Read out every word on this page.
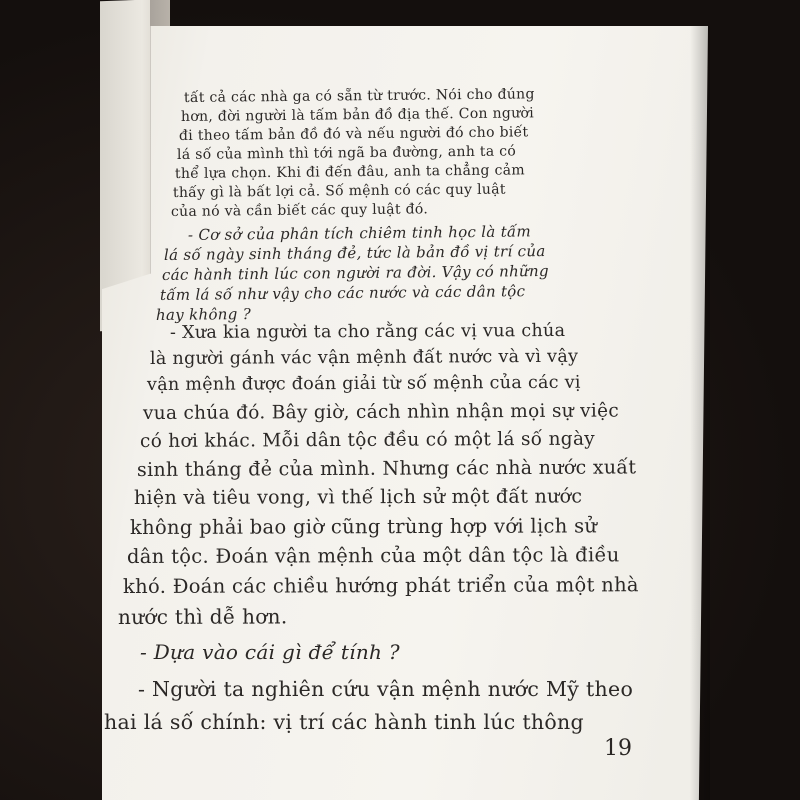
tất cả các nhà ga có sẵn từ trước. Nói cho đúng
hơn, đời người là tấm bản đồ địa thế. Con người
đi theo tấm bản đồ đó và nếu người đó cho biết
lá số của mình thì tới ngã ba đường, anh ta có
thể lựa chọn. Khi đi đến đâu, anh ta chẳng cảm
thấy gì là bất lợi cả. Số mệnh có các quy luật
của nó và cần biết các quy luật đó.
- Cơ sở của phân tích chiêm tinh học là tấm
lá số ngày sinh tháng đẻ, tức là bản đồ vị trí của
các hành tinh lúc con người ra đời. Vậy có những
tấm lá số như vậy cho các nước và các dân tộc
hay không ?
- Xưa kia người ta cho rằng các vị vua chúa
là người gánh vác vận mệnh đất nước và vì vậy
vận mệnh được đoán giải từ số mệnh của các vị
vua chúa đó. Bây giờ, cách nhìn nhận mọi sự việc
có hơi khác. Mỗi dân tộc đều có một lá số ngày
sinh tháng đẻ của mình. Nhưng các nhà nước xuất
hiện và tiêu vong, vì thế lịch sử một đất nước
không phải bao giờ cũng trùng hợp với lịch sử
dân tộc. Đoán vận mệnh của một dân tộc là điều
khó. Đoán các chiều hướng phát triển của một nhà
nước thì dễ hơn.
- Dựa vào cái gì để tính ?
- Người ta nghiên cứu vận mệnh nước Mỹ theo
hai lá số chính: vị trí các hành tinh lúc thông
19
